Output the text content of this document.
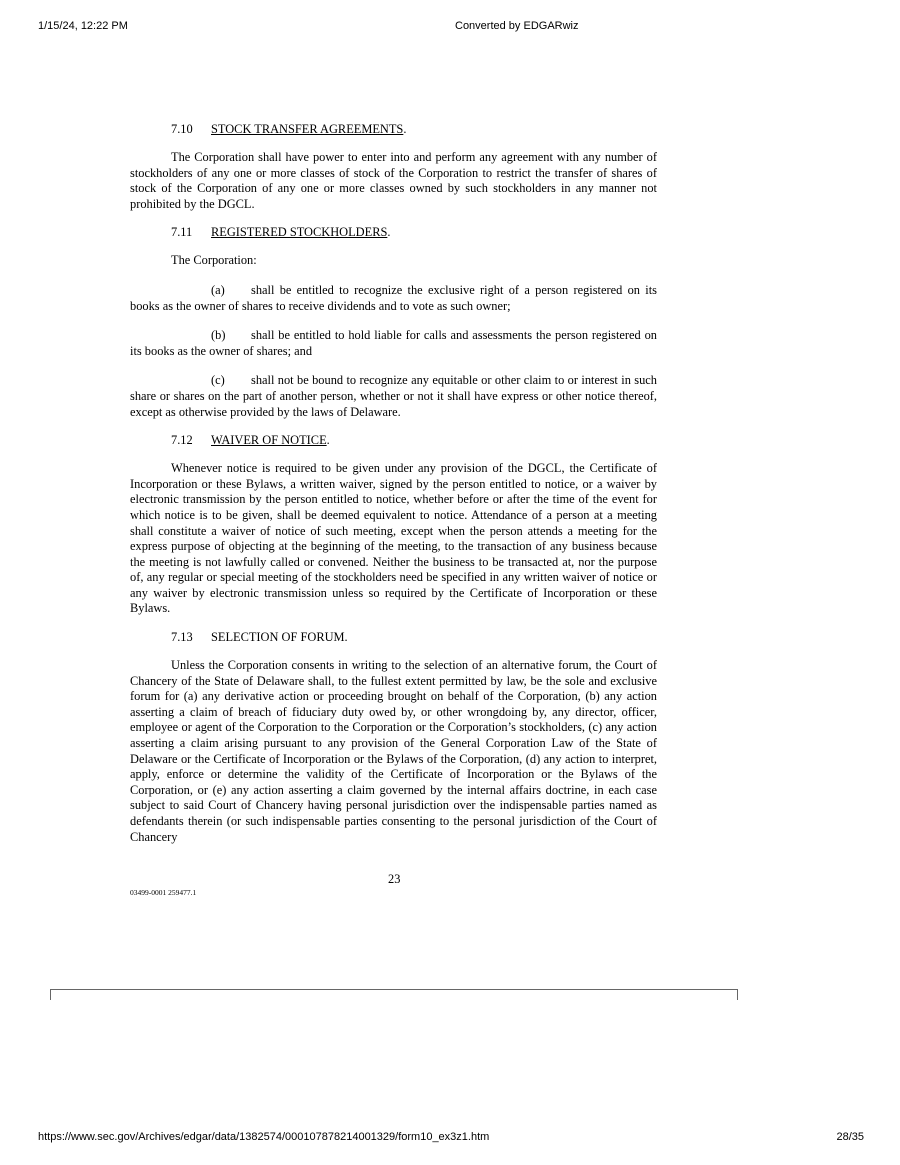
1/15/24, 12:22 PM	Converted by EDGARwiz
7.10 STOCK TRANSFER AGREEMENTS.

The Corporation shall have power to enter into and perform any agreement with any number of stockholders of any one or more classes of stock of the Corporation to restrict the transfer of shares of stock of the Corporation of any one or more classes owned by such stockholders in any manner not prohibited by the DGCL.

7.11 REGISTERED STOCKHOLDERS.

The Corporation:

(a) shall be entitled to recognize the exclusive right of a person registered on its books as the owner of shares to receive dividends and to vote as such owner;

(b) shall be entitled to hold liable for calls and assessments the person registered on its books as the owner of shares; and

(c) shall not be bound to recognize any equitable or other claim to or interest in such share or shares on the part of another person, whether or not it shall have express or other notice thereof, except as otherwise provided by the laws of Delaware.

7.12 WAIVER OF NOTICE.

Whenever notice is required to be given under any provision of the DGCL, the Certificate of Incorporation or these Bylaws, a written waiver, signed by the person entitled to notice, or a waiver by electronic transmission by the person entitled to notice, whether before or after the time of the event for which notice is to be given, shall be deemed equivalent to notice. Attendance of a person at a meeting shall constitute a waiver of notice of such meeting, except when the person attends a meeting for the express purpose of objecting at the beginning of the meeting, to the transaction of any business because the meeting is not lawfully called or convened. Neither the business to be transacted at, nor the purpose of, any regular or special meeting of the stockholders need be specified in any written waiver of notice or any waiver by electronic transmission unless so required by the Certificate of Incorporation or these Bylaws.

7.13 SELECTION OF FORUM.

Unless the Corporation consents in writing to the selection of an alternative forum, the Court of Chancery of the State of Delaware shall, to the fullest extent permitted by law, be the sole and exclusive forum for (a) any derivative action or proceeding brought on behalf of the Corporation, (b) any action asserting a claim of breach of fiduciary duty owed by, or other wrongdoing by, any director, officer, employee or agent of the Corporation to the Corporation or the Corporation’s stockholders, (c) any action asserting a claim arising pursuant to any provision of the General Corporation Law of the State of Delaware or the Certificate of Incorporation or the Bylaws of the Corporation, (d) any action to interpret, apply, enforce or determine the validity of the Certificate of Incorporation or the Bylaws of the Corporation, or (e) any action asserting a claim governed by the internal affairs doctrine, in each case subject to said Court of Chancery having personal jurisdiction over the indispensable parties named as defendants therein (or such indispensable parties consenting to the personal jurisdiction of the Court of Chancery

23
03499-0001 259477.1
https://www.sec.gov/Archives/edgar/data/1382574/000107878214001329/form10_ex3z1.htm	28/35
